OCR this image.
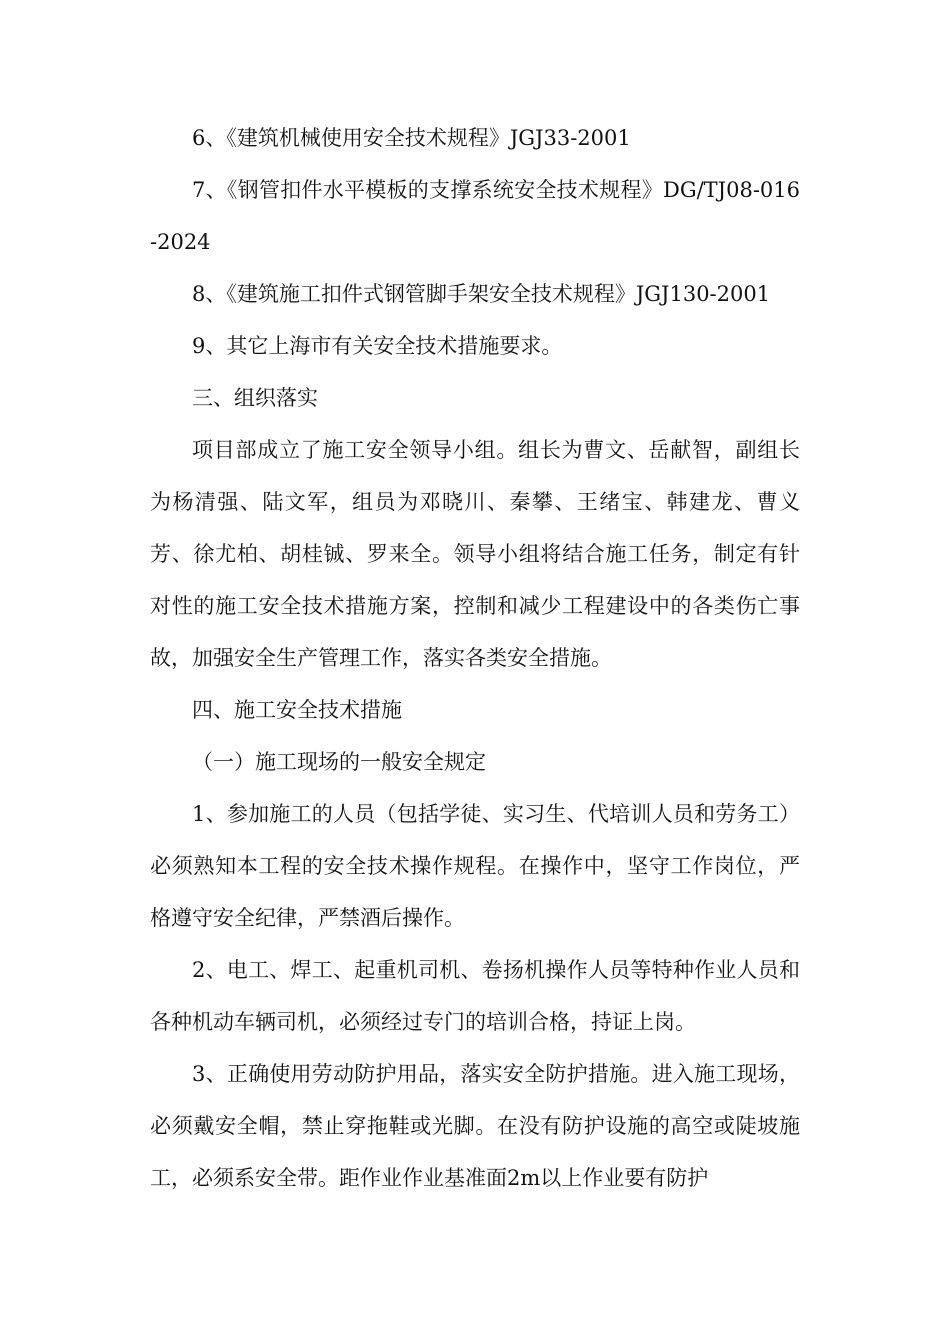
6、《建筑机械使用安全技术规程》JGJ33-2001

7、《钢管扣件水平模板的支撑系统安全技术规程》DG/TJ08-016-2024

8、《建筑施工扣件式钢管脚手架安全技术规程》JGJ130-2001

9、其它上海市有关安全技术措施要求。

三、组织落实

项目部成立了施工安全领导小组。组长为曹文、岳献智，副组长为杨清强、陆文军，组员为邓晓川、秦攀、王绪宝、韩建龙、曹义芳、徐尤柏、胡桂铖、罗来全。领导小组将结合施工任务，制定有针对性的施工安全技术措施方案，控制和减少工程建设中的各类伤亡事故，加强安全生产管理工作，落实各类安全措施。

四、施工安全技术措施

（一）施工现场的一般安全规定

1、参加施工的人员（包括学徒、实习生、代培训人员和劳务工）必须熟知本工程的安全技术操作规程。在操作中，坚守工作岗位，严格遵守安全纪律，严禁酒后操作。

2、电工、焊工、起重机司机、卷扬机操作人员等特种作业人员和各种机动车辆司机，必须经过专门的培训合格，持证上岗。

3、正确使用劳动防护用品，落实安全防护措施。进入施工现场，必须戴安全帽，禁止穿拖鞋或光脚。在没有防护设施的高空或陡坡施工，必须系安全带。距作业作业基准面2m以上作业要有防护
